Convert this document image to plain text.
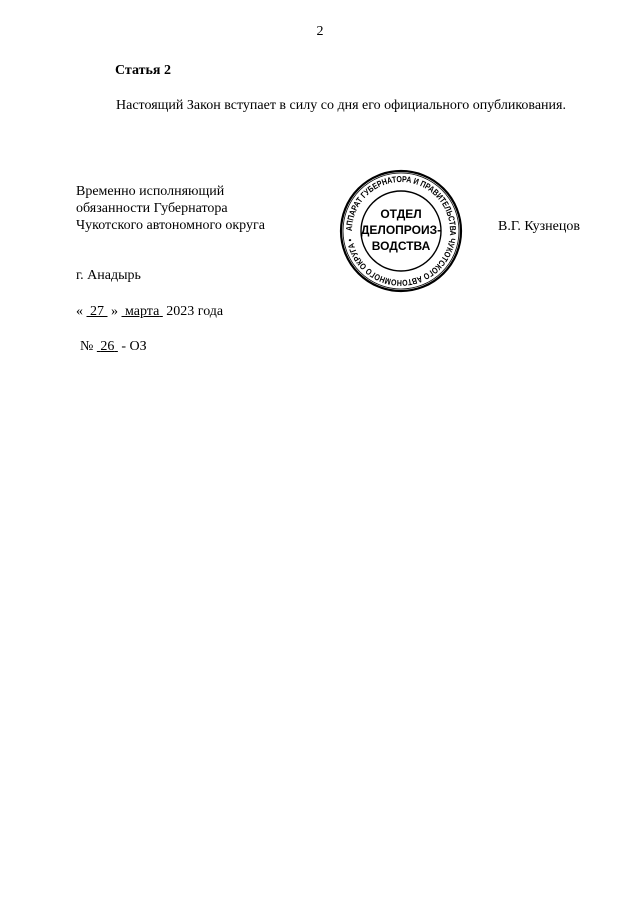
2
Статья 2
Настоящий Закон вступает в силу со дня его официального опубликования.
Временно исполняющий
обязанности Губернатора
Чукотского автономного округа	АППАРАТ ГУБЕРНАТОРА И ПРАВИТЕЛЬСТВА ЧУКОТСКОГО АВТОНОМНОГО ОКРУГА •
ОТДЕЛ
ДЕЛОПРОИЗ-
ВОДСТВА
В.Г. Кузнецов
г. Анадырь
« 27 » марта 2023 года
№ 26 - ОЗ
